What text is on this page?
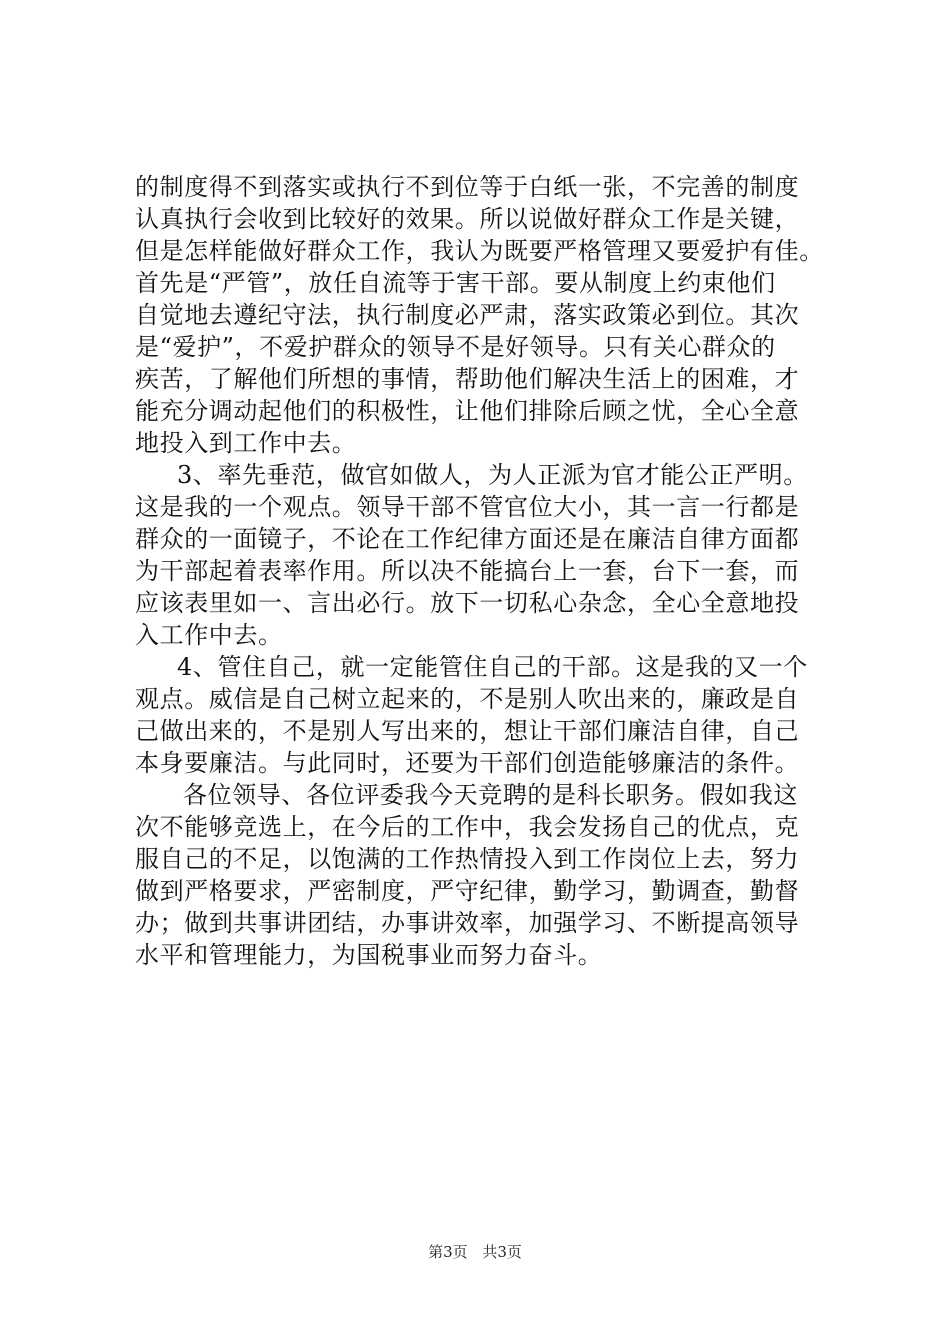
的制度得不到落实或执行不到位等于白纸一张，不完善的制度
认真执行会收到比较好的效果。所以说做好群众工作是关键，
但是怎样能做好群众工作，我认为既要严格管理又要爱护有佳。
首先是“严管”，放任自流等于害干部。要从制度上约束他们
自觉地去遵纪守法，执行制度必严肃，落实政策必到位。其次
是“爱护”，不爱护群众的领导不是好领导。只有关心群众的
疾苦，了解他们所想的事情，帮助他们解决生活上的困难，才
能充分调动起他们的积极性，让他们排除后顾之忧，全心全意
地投入到工作中去。
3、率先垂范，做官如做人，为人正派为官才能公正严明。
这是我的一个观点。领导干部不管官位大小，其一言一行都是
群众的一面镜子，不论在工作纪律方面还是在廉洁自律方面都
为干部起着表率作用。所以决不能搞台上一套，台下一套，而
应该表里如一、言出必行。放下一切私心杂念，全心全意地投
入工作中去。
4、管住自己，就一定能管住自己的干部。这是我的又一个
观点。威信是自己树立起来的，不是别人吹出来的，廉政是自
己做出来的，不是别人写出来的，想让干部们廉洁自律，自己
本身要廉洁。与此同时，还要为干部们创造能够廉洁的条件。
各位领导、各位评委我今天竞聘的是科长职务。假如我这
次不能够竞选上，在今后的工作中，我会发扬自己的优点，克
服自己的不足，以饱满的工作热情投入到工作岗位上去，努力
做到严格要求，严密制度，严守纪律，勤学习，勤调查，勤督
办；做到共事讲团结，办事讲效率，加强学习、不断提高领导
水平和管理能力，为国税事业而努力奋斗。
第3页 共3页
